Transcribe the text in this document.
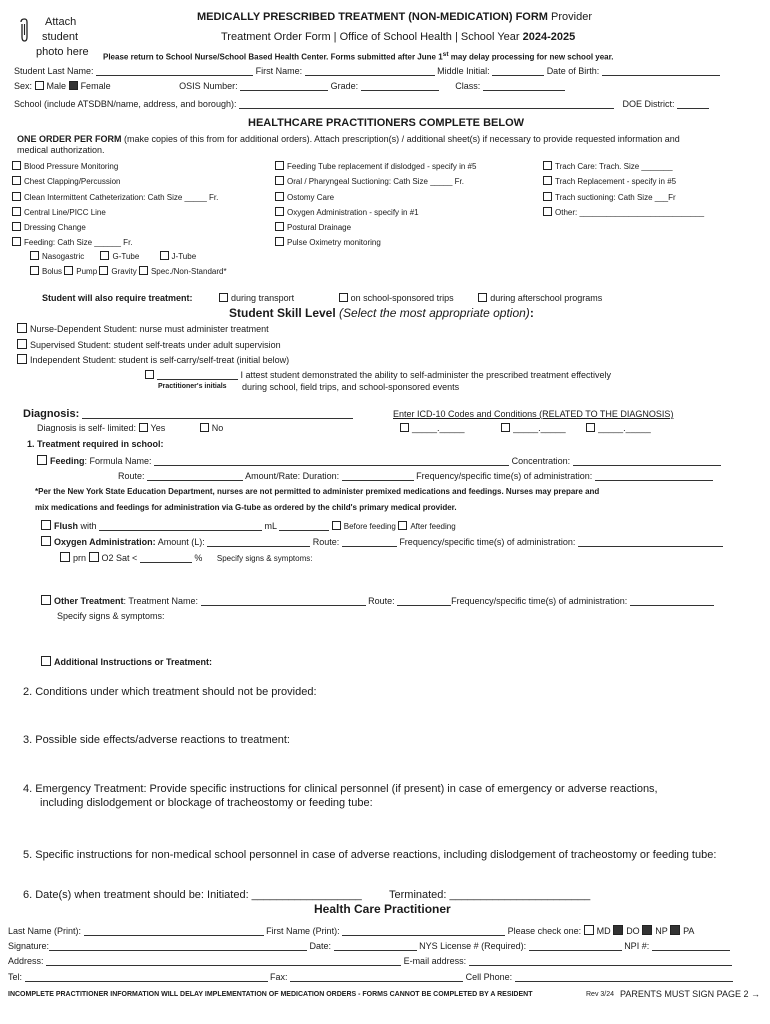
Attach
student
photo here
MEDICALLY PRESCRIBED TREATMENT (NON-MEDICATION) FORM Provider
Treatment Order Form | Office of School Health | School Year 2024-2025
Please return to School Nurse/School Based Health Center. Forms submitted after June 1st may delay processing for new school year.
Student Last Name:	First Name:	Middle Initial:	Date of Birth:
Sex: Male Female	OSIS Number:	Grade:	Class:
School (include ATSDBN/name, address, and borough):	DOE District:
HEALTHCARE PRACTITIONERS COMPLETE BELOW
ONE ORDER PER FORM (make copies of this from for additional orders). Attach prescription(s) / additional sheet(s) if necessary to provide requested information and
medical authorization.
Blood Pressure Monitoring
Chest Clapping/Percussion
Clean Intermittent Catheterization: Cath Size _____ Fr.
Central Line/PICC Line
Dressing Change
Feeding: Cath Size ______ Fr.
Feeding Tube replacement if dislodged - specify in #5
Oral / Pharyngeal Suctioning: Cath Size _____ Fr.
Ostomy Care
Oxygen Administration - specify in #1
Postural Drainage
Pulse Oximetry monitoring
Trach Care: Trach. Size _______
Trach Replacement - specify in #5
Trach suctioning: Cath Size ___Fr
Other: ____________________________
Nasogastric	G-Tube	J-Tube
Bolus Pump Gravity Spec./Non-Standard*
Student will also require treatment:	during transport	on school-sponsored trips	during afterschool programs
Student Skill Level (Select the most appropriate option):
Nurse-Dependent Student: nurse must administer treatment
Supervised Student: student self-treats under adult supervision
Independent Student: student is self-carry/self-treat (initial below)
I attest student demonstrated the ability to self-administer the prescribed treatment effectively
Practitioner's initials during school, field trips, and school-sponsored events
Diagnosis:	Enter ICD-10 Codes and Conditions (RELATED TO THE DIAGNOSIS)
Diagnosis is self- limited: Yes	No	_____._____	_____._____	_____._____
1. Treatment required in school:
Feeding: Formula Name:	Concentration:
Route:	Amount/Rate: Duration:	Frequency/specific time(s) of administration:
*Per the New York State Education Department, nurses are not permitted to administer premixed medications and feedings. Nurses may prepare and
mix medications and feedings for administration via G-tube as ordered by the child's primary medical provider.
Flush with	mL	Before feeding After feeding
Oxygen Administration: Amount (L):	Route:	Frequency/specific time(s) of administration:
prn O2 Sat <	% Specify signs & symptoms:
Other Treatment: Treatment Name:	Route:	Frequency/specific time(s) of administration:
Specify signs & symptoms:
Additional Instructions or Treatment:
2. Conditions under which treatment should not be provided:
3. Possible side effects/adverse reactions to treatment:
4. Emergency Treatment: Provide specific instructions for clinical personnel (if present) in case of emergency or adverse reactions,
including dislodgement or blockage of tracheostomy or feeding tube:
5. Specific instructions for non-medical school personnel in case of adverse reactions, including dislodgement of tracheostomy or feeding tube:
6. Date(s) when treatment should be: Initiated: __________________ Terminated: _______________________
Health Care Practitioner
Last Name (Print):	First Name (Print):	Please check one: MD DO NP PA
Signature:	Date:	NYS License # (Required):	NPI #:
Address:	E-mail address:
Tel:	Fax:	Cell Phone:
INCOMPLETE PRACTITIONER INFORMATION WILL DELAY IMPLEMENTATION OF MEDICATION ORDERS - FORMS CANNOT BE COMPLETED BY A RESIDENT	Rev 3/24 PARENTS MUST SIGN PAGE 2 →
